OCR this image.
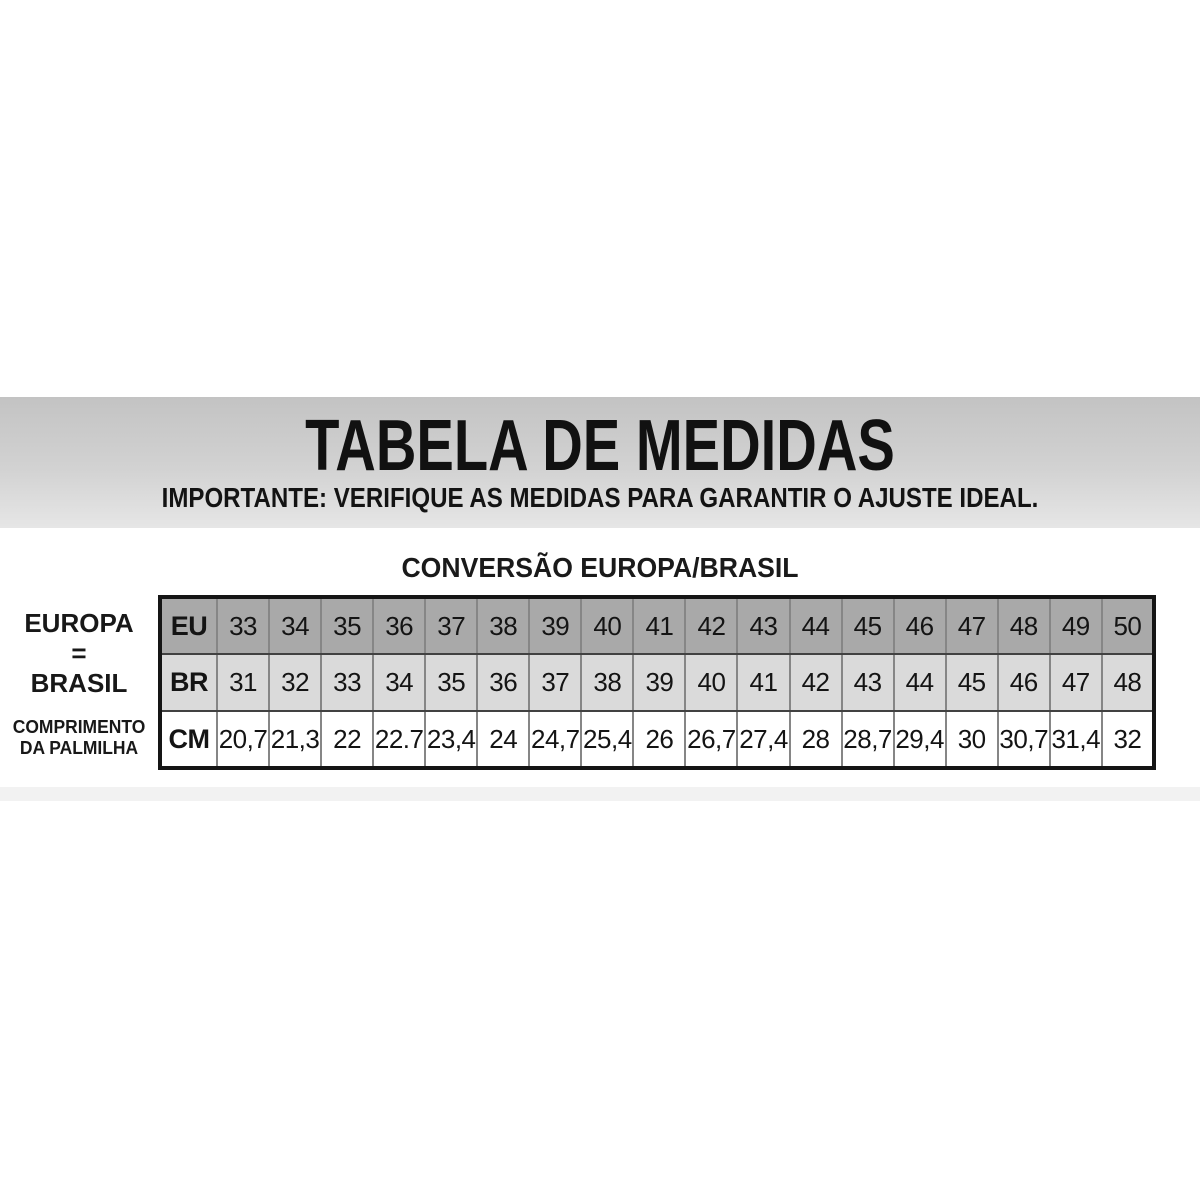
TABELA DE MEDIDAS
IMPORTANTE: VERIFIQUE AS MEDIDAS PARA GARANTIR O AJUSTE IDEAL.
CONVERSÃO EUROPA/BRASIL
EUROPA
=
BRASIL
COMPRIMENTO
DA PALMILHA
EU	33	34	35	36	37	38	39	40	41	42	43	44	45	46	47	48	49	50
BR	31	32	33	34	35	36	37	38	39	40	41	42	43	44	45	46	47	48
CM	20,7	21,3	22	22.7	23,4	24	24,7	25,4	26	26,7	27,4	28	28,7	29,4	30	30,7	31,4	32
